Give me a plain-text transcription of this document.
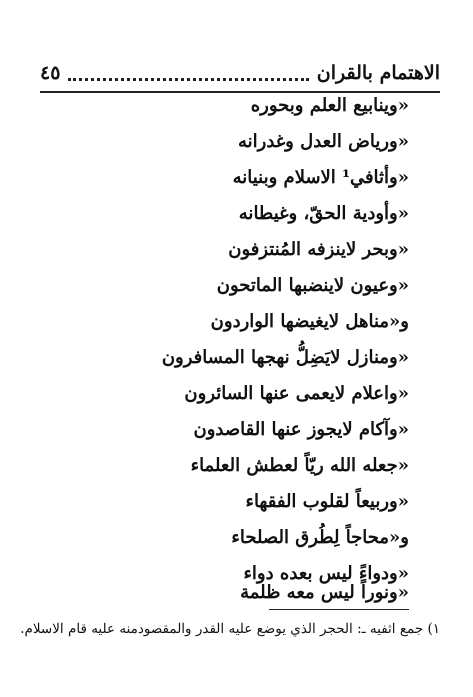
الاهتمام بالقران
٤٥
«وينابيع العلم وبحوره
«ورياض العدل وغدرانه
«وأثافي¹ الاسلام وبنيانه
«وأودية الحقّ، وغيطانه
«وبحر لاينزفه المُنتزفون
«وعيون لاينضبها الماتحون
و«مناهل لايغيضها الواردون
«ومنازل لايَضِلُّ نهجها المسافرون
«واعلام لايعمى عنها السائرون
«وآكام لايجوز عنها القاصدون
«جعله الله ريّاً لعطش العلماء
«وربيعاً لقلوب الفقهاء
و«محاجاً لِطُرق الصلحاء
«ودواءً ليس بعده دواء
«ونوراً ليس معه ظلمة
١) جمع اثفيه ـ: الحجر الذي يوضع عليه القدر والمقصودمنه عليه قام الاسلام.
